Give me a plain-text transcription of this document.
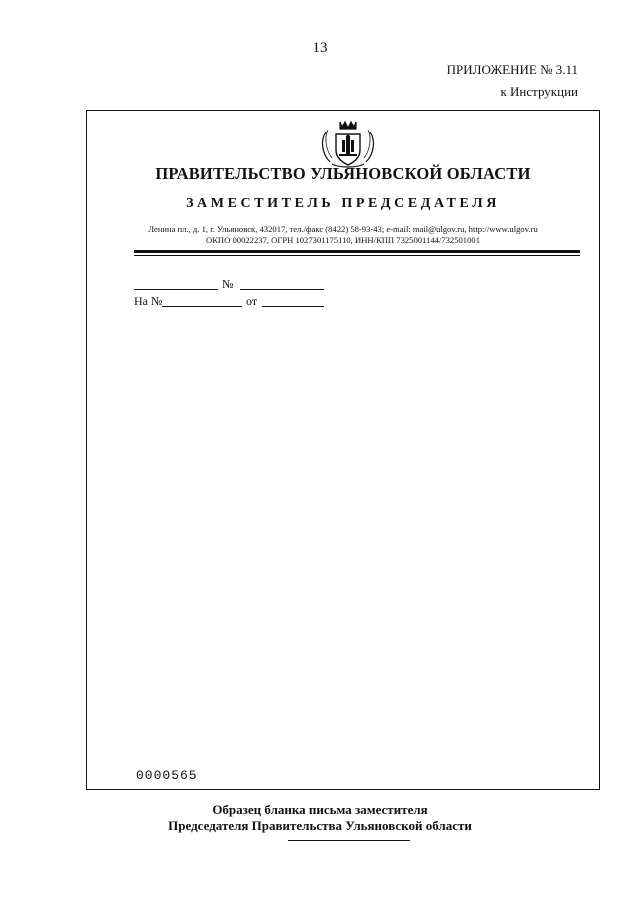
13
ПРИЛОЖЕНИЕ № 3.11
к Инструкции
ПРАВИТЕЛЬСТВО УЛЬЯНОВСКОЙ ОБЛАСТИ
ЗАМЕСТИТЕЛЬ ПРЕДСЕДАТЕЛЯ
Ленина пл., д. 1, г. Ульяновск, 432017, тел./факс (8422) 58-93-43; e-mail: mail@ulgov.ru, http://www.ulgov.ru
ОКПО 00022237, ОГРН 1027301175110, ИНН/КПП 7325001144/732501001
№
На №	от
0000565
Образец бланка письма заместителя
Председателя Правительства Ульяновской области
